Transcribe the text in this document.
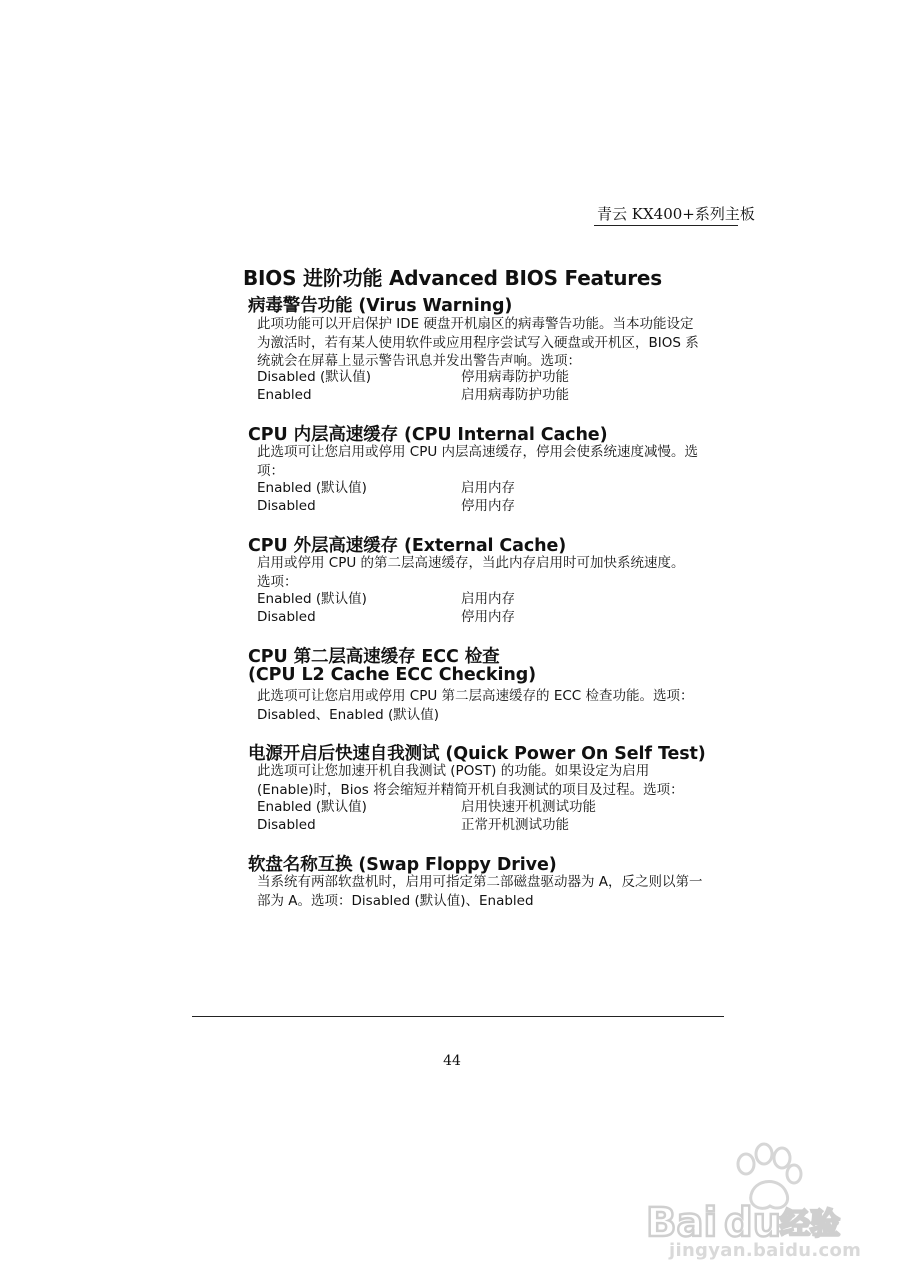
青云 KX400+系列主板
BIOS 进阶功能 Advanced BIOS Features
病毒警告功能 (Virus Warning)
此项功能可以开启保护 IDE 硬盘开机扇区的病毒警告功能。当本功能设定
为激活时，若有某人使用软件或应用程序尝试写入硬盘或开机区，BIOS 系
统就会在屏幕上显示警告讯息并发出警告声响。选项：
Disabled (默认值)	停用病毒防护功能
Enabled	启用病毒防护功能
CPU 内层高速缓存 (CPU Internal Cache)
此选项可让您启用或停用 CPU 内层高速缓存，停用会使系统速度减慢。选
项：
Enabled (默认值)	启用内存
Disabled	停用内存
CPU 外层高速缓存 (External Cache)
启用或停用 CPU 的第二层高速缓存，当此内存启用时可加快系统速度。
选项：
Enabled (默认值)	启用内存
Disabled	停用内存
CPU 第二层高速缓存 ECC 检查
(CPU L2 Cache ECC Checking)
此选项可让您启用或停用 CPU 第二层高速缓存的 ECC 检查功能。选项：
Disabled、Enabled (默认值)
电源开启后快速自我测试 (Quick Power On Self Test)
此选项可让您加速开机自我测试 (POST) 的功能。如果设定为启用
(Enable)时，Bios 将会缩短并精简开机自我测试的项目及过程。选项：
Enabled (默认值)	启用快速开机测试功能
Disabled	正常开机测试功能
软盘名称互换 (Swap Floppy Drive)
当系统有两部软盘机时，启用可指定第二部磁盘驱动器为 A，反之则以第一
部为 A。选项：Disabled (默认值)、Enabled
44
Bai du
经验
jingyan.baidu.com
